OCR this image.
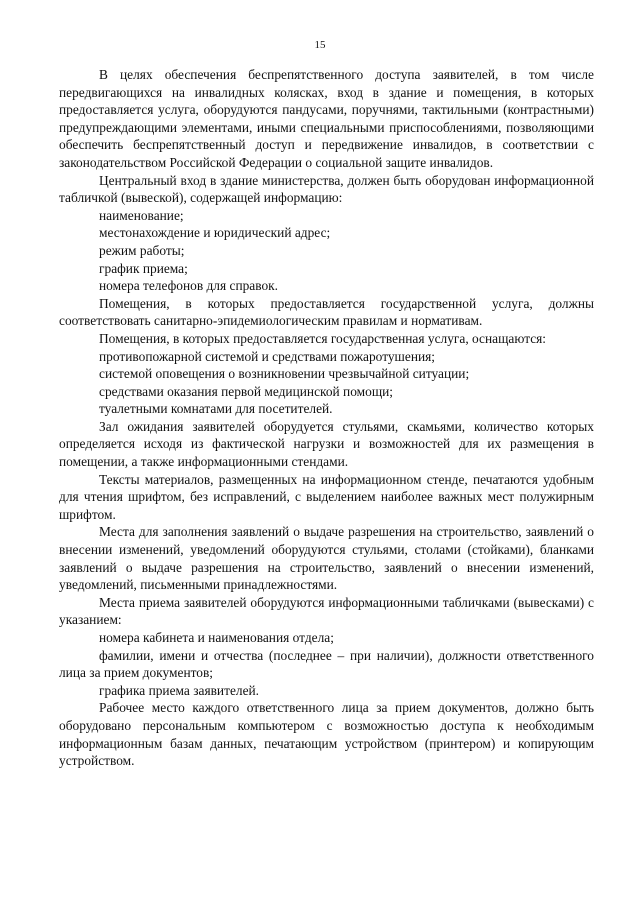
15

В целях обеспечения беспрепятственного доступа заявителей, в том числе передвигающихся на инвалидных колясках, вход в здание и помещения, в которых предоставляется услуга, оборудуются пандусами, поручнями, тактильными (контрастными) предупреждающими элементами, иными специальными приспособлениями, позволяющими обеспечить беспрепятственный доступ и передвижение инвалидов, в соответствии с законодательством Российской Федерации о социальной защите инвалидов.

Центральный вход в здание министерства, должен быть оборудован информационной табличкой (вывеской), содержащей информацию:

наименование;

местонахождение и юридический адрес;

режим работы;

график приема;

номера телефонов для справок.

Помещения, в которых предоставляется государственной услуга, должны соответствовать санитарно-эпидемиологическим правилам и нормативам.

Помещения, в которых предоставляется государственная услуга, оснащаются:

противопожарной системой и средствами пожаротушения;

системой оповещения о возникновении чрезвычайной ситуации;

средствами оказания первой медицинской помощи;

туалетными комнатами для посетителей.

Зал ожидания заявителей оборудуется стульями, скамьями, количество которых определяется исходя из фактической нагрузки и возможностей для их размещения в помещении, а также информационными стендами.

Тексты материалов, размещенных на информационном стенде, печатаются удобным для чтения шрифтом, без исправлений, с выделением наиболее важных мест полужирным шрифтом.

Места для заполнения заявлений о выдаче разрешения на строительство, заявлений о внесении изменений, уведомлений оборудуются стульями, столами (стойками), бланками заявлений о выдаче разрешения на строительство, заявлений о внесении изменений, уведомлений, письменными принадлежностями.

Места приема заявителей оборудуются информационными табличками (вывесками) с указанием:

номера кабинета и наименования отдела;

фамилии, имени и отчества (последнее – при наличии), должности ответственного лица за прием документов;

графика приема заявителей.

Рабочее место каждого ответственного лица за прием документов, должно быть оборудовано персональным компьютером с возможностью доступа к необходимым информационным базам данных, печатающим устройством (принтером) и копирующим устройством.
